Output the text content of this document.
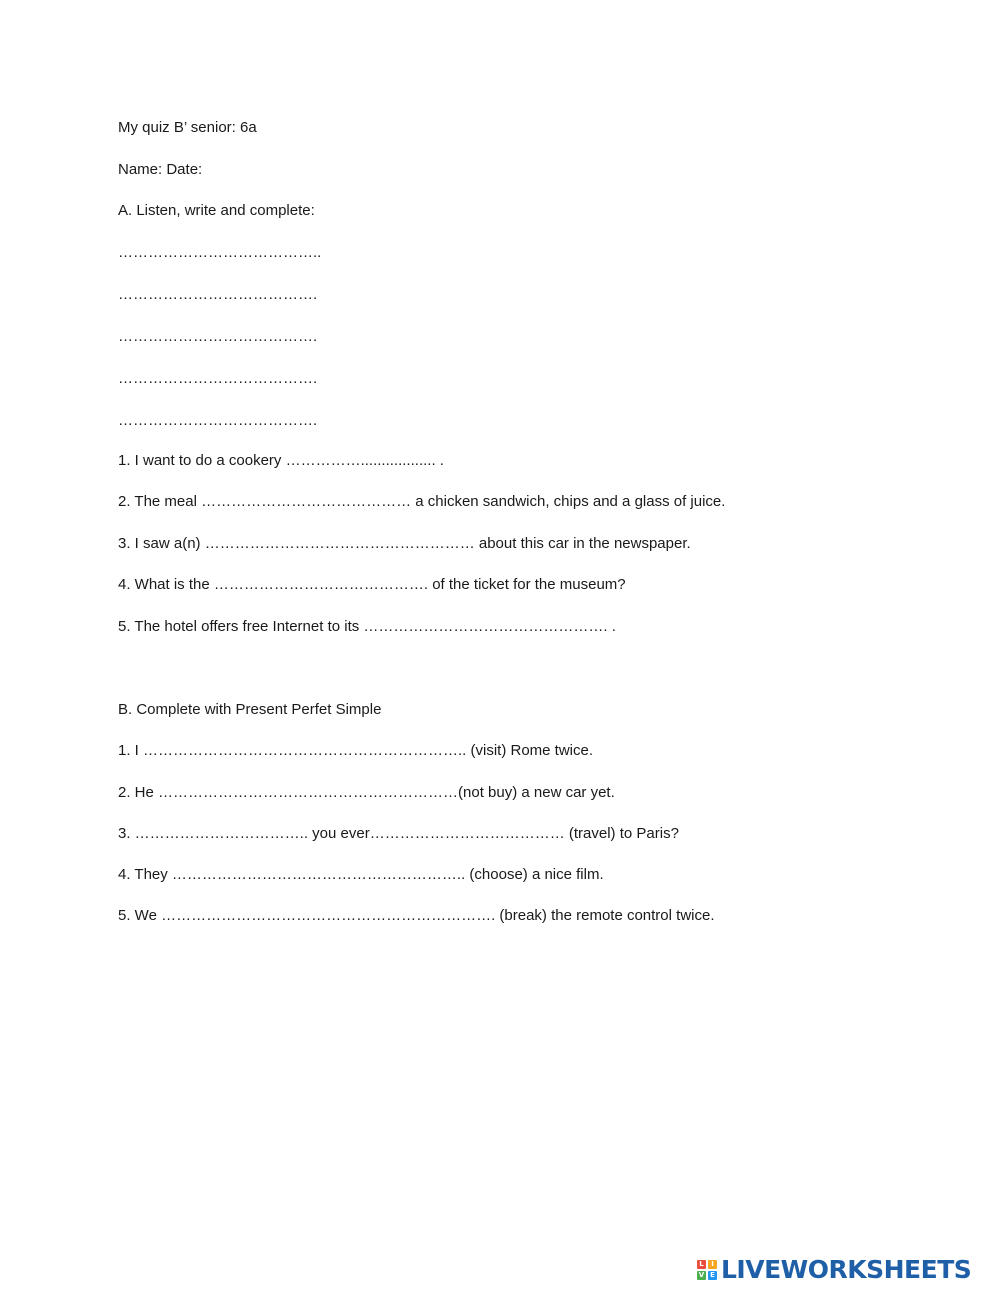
My quiz B’ senior: 6a
Name: Date:
A. Listen, write and complete:
…………………………………..
………………………………….
………………………………….
………………………………….
………………………………….
1. I want to do a cookery …………….................. .
2. The meal …………………………………… a chicken sandwich, chips and a glass of juice.
3. I saw a(n) ……………………………………………… about this car in the newspaper.
4. What is the ……………………………………. of the ticket for the museum?
5. The hotel offers free Internet to its …………………………………………. .
B. Complete with Present Perfet Simple
1. I ……………………………………………………….. (visit) Rome twice.
2. He ……………………………………………………(not buy) a new car yet.
3. …………………………….. you ever………………………………… (travel) to Paris?
4. They ………………………………………………….. (choose) a nice film.
5. We …………………………………………………………. (break) the remote control twice.
L	I
V E LIVEWORKSHEETS
